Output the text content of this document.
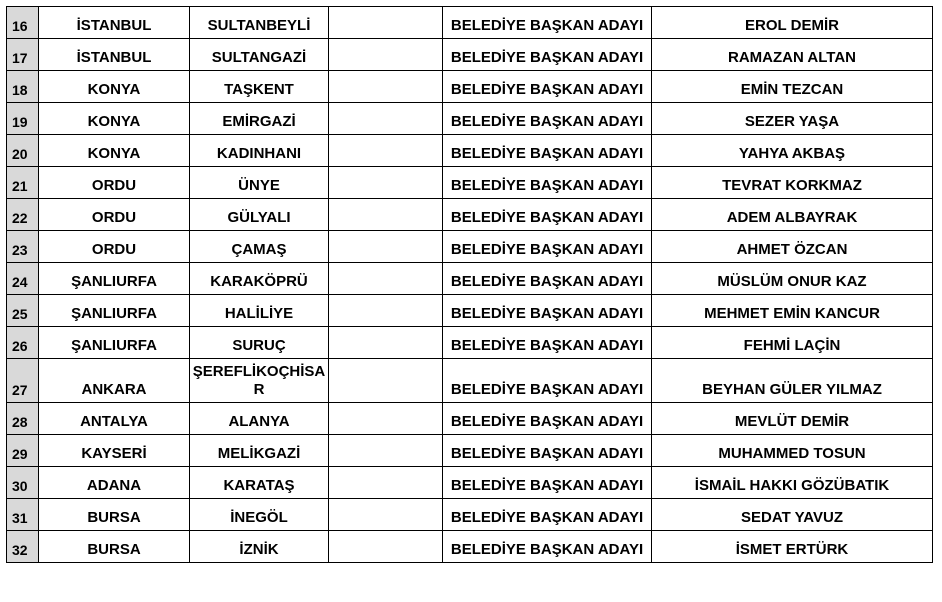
16	İSTANBUL	SULTANBEYLİ		BELEDİYE BAŞKAN ADAYI	EROL DEMİR
17	İSTANBUL	SULTANGAZİ		BELEDİYE BAŞKAN ADAYI	RAMAZAN ALTAN
18	KONYA	TAŞKENT		BELEDİYE BAŞKAN ADAYI	EMİN TEZCAN
19	KONYA	EMİRGAZİ		BELEDİYE BAŞKAN ADAYI	SEZER YAŞA
20	KONYA	KADINHANI		BELEDİYE BAŞKAN ADAYI	YAHYA AKBAŞ
21	ORDU	ÜNYE		BELEDİYE BAŞKAN ADAYI	TEVRAT KORKMAZ
22	ORDU	GÜLYALI		BELEDİYE BAŞKAN ADAYI	ADEM ALBAYRAK
23	ORDU	ÇAMAŞ		BELEDİYE BAŞKAN ADAYI	AHMET ÖZCAN
24	ŞANLIURFA	KARAKÖPRÜ		BELEDİYE BAŞKAN ADAYI	MÜSLÜM ONUR KAZ
25	ŞANLIURFA	HALİLİYE		BELEDİYE BAŞKAN ADAYI	MEHMET EMİN KANCUR
26	ŞANLIURFA	SURUÇ		BELEDİYE BAŞKAN ADAYI	FEHMİ LAÇİN
27	ANKARA	ŞEREFLİKOÇHİSAR		BELEDİYE BAŞKAN ADAYI	BEYHAN GÜLER YILMAZ
28	ANTALYA	ALANYA		BELEDİYE BAŞKAN ADAYI	MEVLÜT DEMİR
29	KAYSERİ	MELİKGAZİ		BELEDİYE BAŞKAN ADAYI	MUHAMMED TOSUN
30	ADANA	KARATAŞ		BELEDİYE BAŞKAN ADAYI	İSMAİL HAKKI GÖZÜBATIK
31	BURSA	İNEGÖL		BELEDİYE BAŞKAN ADAYI	SEDAT YAVUZ
32	BURSA	İZNİK		BELEDİYE BAŞKAN ADAYI	İSMET ERTÜRK
